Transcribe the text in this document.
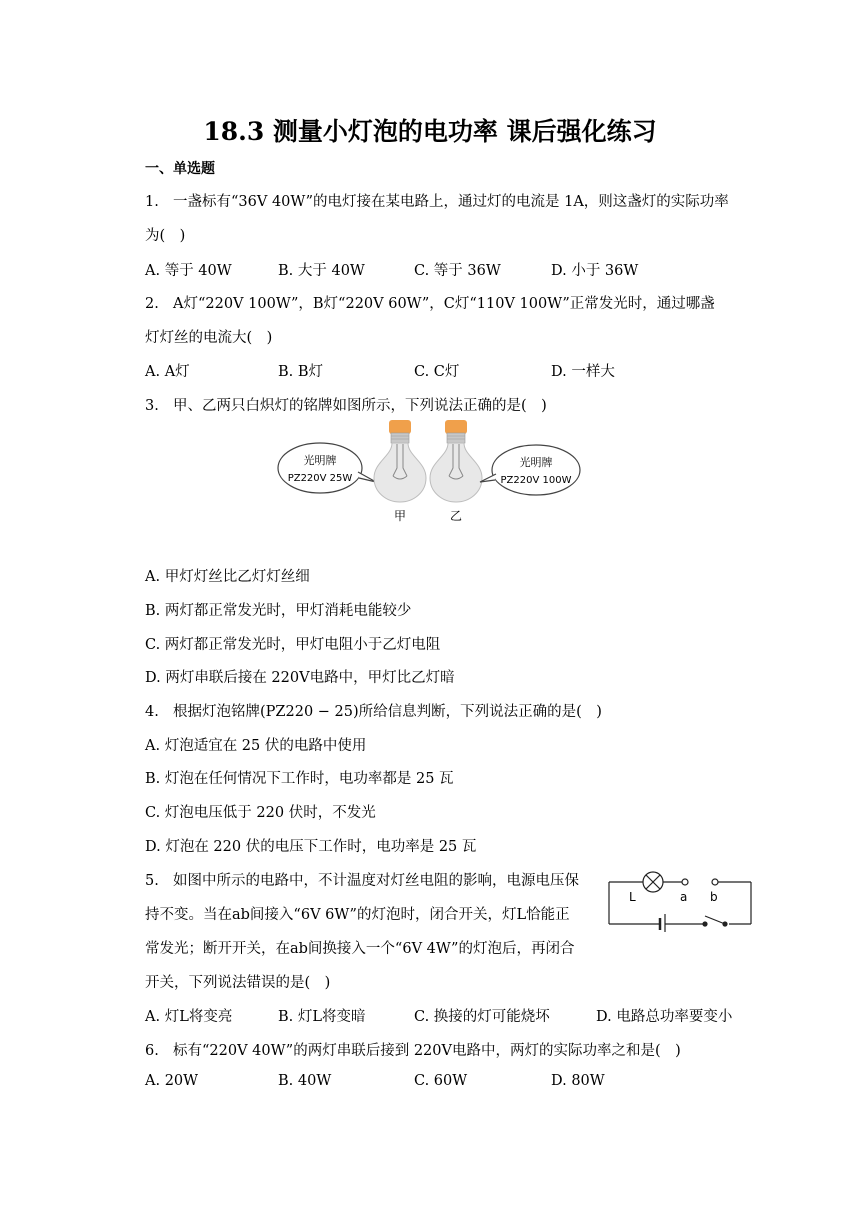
18.3 测量小灯泡的电功率 课后强化练习
一、单选题
1. 一盏标有“36V 40W”的电灯接在某电路上，通过灯的电流是 1A，则这盏灯的实际功率
为(　)
A. 等于 40W	B. 大于 40W	C. 等于 36W	D. 小于 36W
2. A灯“220V 100W”，B灯“220V 60W”，C灯“110V 100W”正常发光时，通过哪盏
灯灯丝的电流大(　)
A. A灯	B. B灯	C. C灯	D. 一样大
3. 甲、乙两只白炽灯的铭牌如图所示，下列说法正确的是(　)
光明牌
PZ220V 25W
光明牌
PZ220V 100W
甲	乙
A. 甲灯灯丝比乙灯灯丝细
B. 两灯都正常发光时，甲灯消耗电能较少
C. 两灯都正常发光时，甲灯电阻小于乙灯电阻
D. 两灯串联后接在 220V电路中，甲灯比乙灯暗
4. 根据灯泡铭牌(PZ220 − 25)所给信息判断，下列说法正确的是(　)
A. 灯泡适宜在 25 伏的电路中使用
B. 灯泡在任何情况下工作时，电功率都是 25 瓦
C. 灯泡电压低于 220 伏时，不发光
D. 灯泡在 220 伏的电压下工作时，电功率是 25 瓦
5. 如图中所示的电路中，不计温度对灯丝电阻的影响，电源电压保
持不变。当在ab间接入“6V 6W”的灯泡时，闭合开关，灯L恰能正
常发光；断开开关，在ab间换接入一个“6V 4W”的灯泡后，再闭合
开关，下列说法错误的是(　)
L	a b
A. 灯L将变亮	B. 灯L将变暗	C. 换接的灯可能烧坏	D. 电路总功率要变小
6. 标有“220V 40W”的两灯串联后接到 220V电路中，两灯的实际功率之和是(　)
A. 20W	B. 40W	C. 60W	D. 80W
